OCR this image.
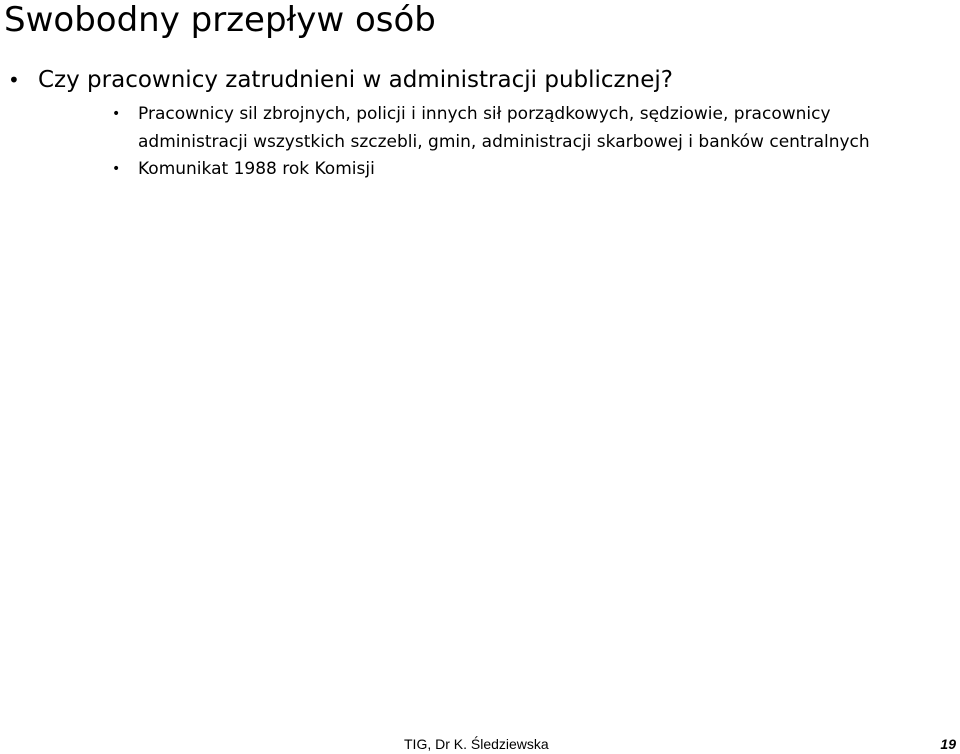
Swobodny przepływ osób
• Czy pracownicy zatrudnieni w administracji publicznej?
• Pracownicy sil zbrojnych, policji i innych sił porządkowych, sędziowie, pracownicy administracji wszystkich szczebli, gmin, administracji skarbowej i banków centralnych
• Komunikat 1988 rok Komisji
TIG, Dr K. Śledziewska	19
